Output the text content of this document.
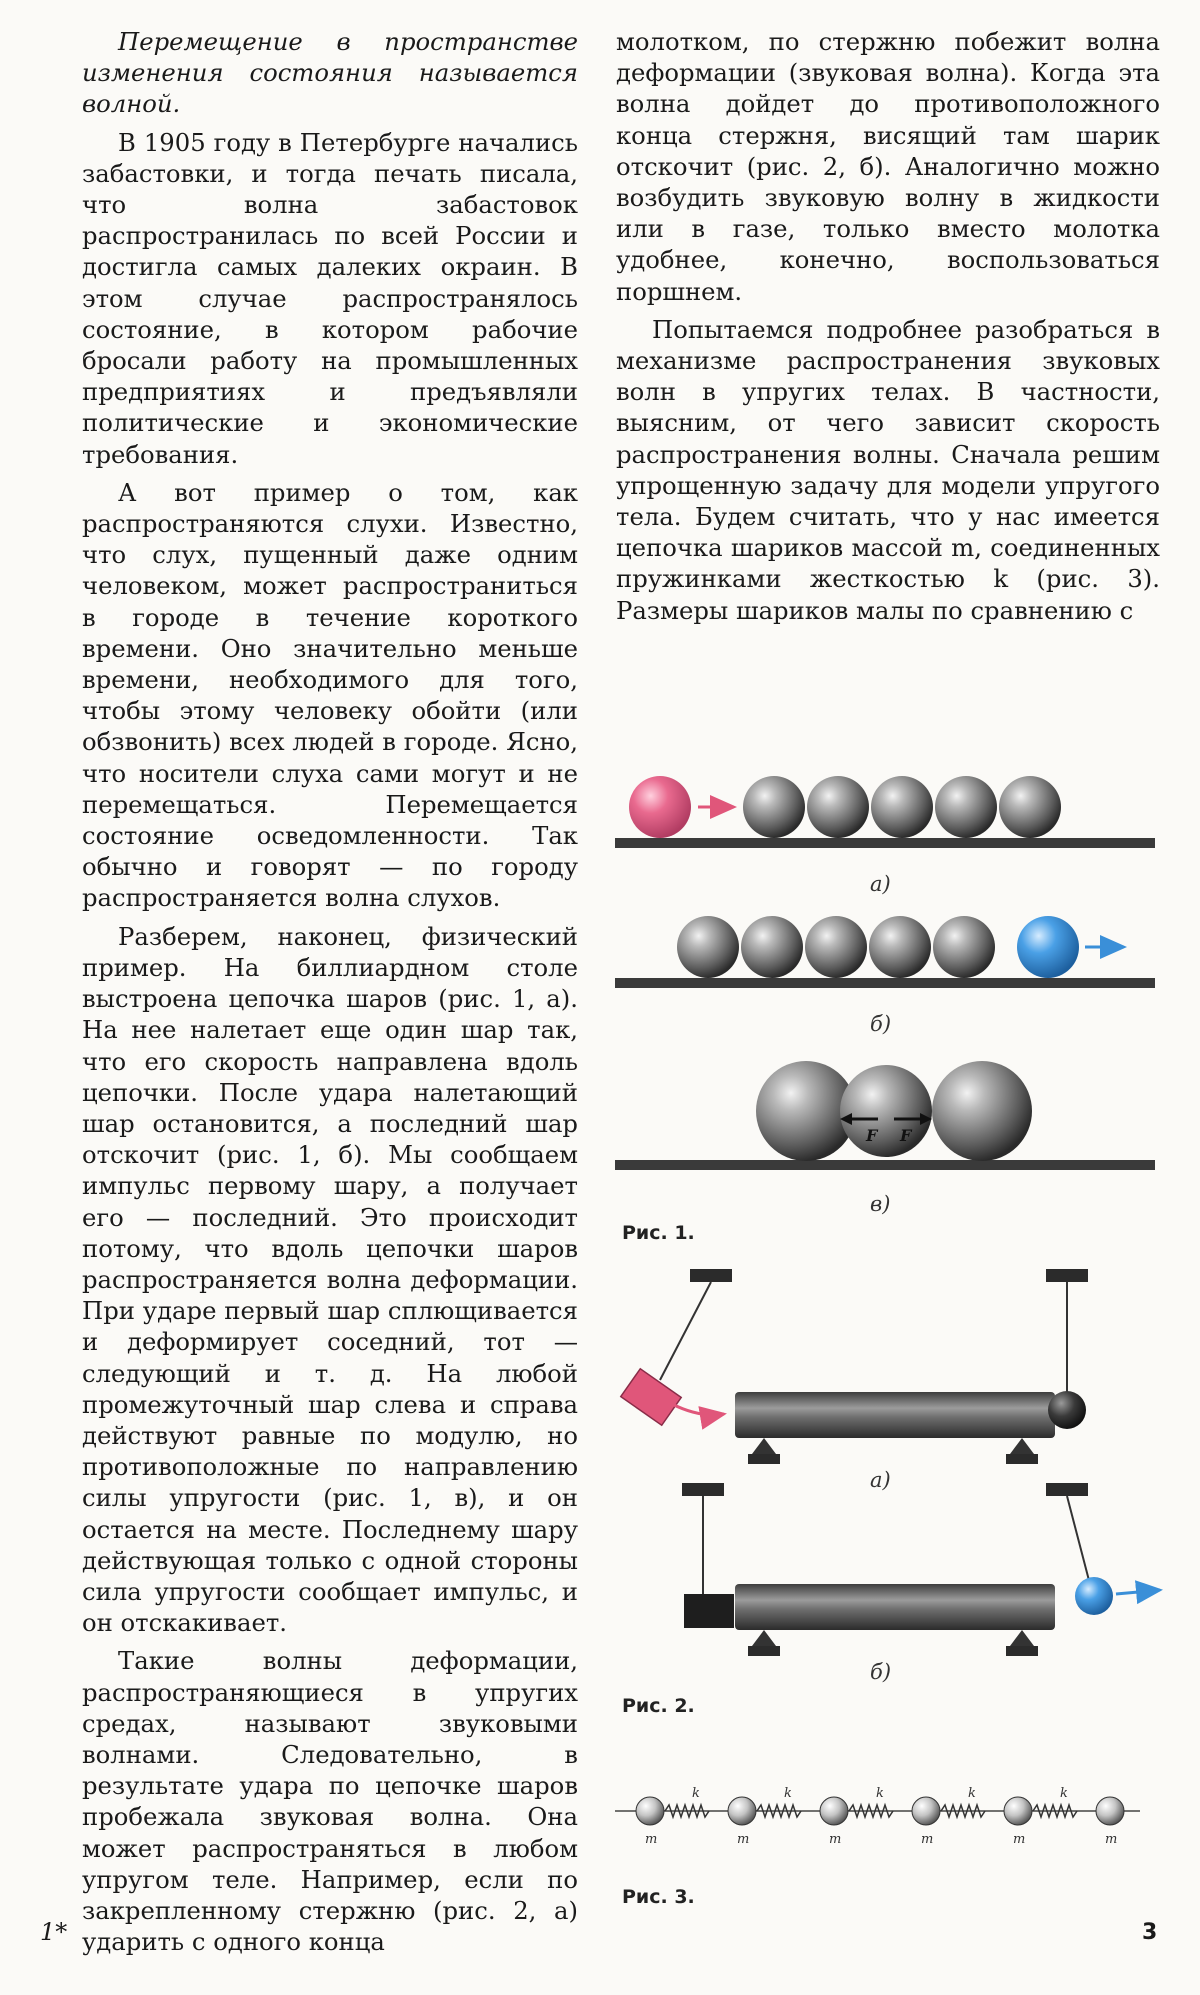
Перемещение в пространстве изменения состояния называется волной.

В 1905 году в Петербурге начались забастовки, и тогда печать писала, что волна забастовок распространилась по всей России и достигла самых далеких окраин. В этом случае распространялось состояние, в котором рабочие бросали работу на промышленных предприятиях и предъявляли политические и экономические требования.

А вот пример о том, как распространяются слухи. Известно, что слух, пущенный даже одним человеком, может распространиться в городе в течение короткого времени. Оно значительно меньше времени, необходимого для того, чтобы этому человеку обойти (или обзвонить) всех людей в городе. Ясно, что носители слуха сами могут и не перемещаться. Перемещается состояние осведомленности. Так обычно и говорят — по городу распространяется волна слухов.

Разберем, наконец, физический пример. На биллиардном столе выстроена цепочка шаров (рис. 1, а). На нее налетает еще один шар так, что его скорость направлена вдоль цепочки. После удара налетающий шар остановится, а последний шар отскочит (рис. 1, б). Мы сообщаем импульс первому шару, а получает его — последний. Это происходит потому, что вдоль цепочки шаров распространяется волна деформации. При ударе первый шар сплющивается и деформирует соседний, тот — следующий и т. д. На любой промежуточный шар слева и справа действуют равные по модулю, но противоположные по направлению силы упругости (рис. 1, в), и он остается на месте. Последнему шару действующая только с одной стороны сила упругости сообщает импульс, и он отскакивает.

Такие волны деформации, распространяющиеся в упругих средах, называют звуковыми волнами. Следовательно, в результате удара по цепочке шаров пробежала звуковая волна. Она может распространяться в любом упругом теле. Например, если по закрепленному стержню (рис. 2, а) ударить с одного конца

молотком, по стержню побежит волна деформации (звуковая волна). Когда эта волна дойдет до противоположного конца стержня, висящий там шарик отскочит (рис. 2, б). Аналогично можно возбудить звуковую волну в жидкости или в газе, только вместо молотка удобнее, конечно, воспользоваться поршнем.

Попытаемся подробнее разобраться в механизме распространения звуковых волн в упругих телах. В частности, выясним, от чего зависит скорость распространения волны. Сначала решим упрощенную задачу для модели упругого тела. Будем считать, что у нас имеется цепочка шариков массой m, соединенных пружинками жесткостью k (рис. 3). Размеры шариков малы по сравнению с

F F
k	k	k	k	k
m	m	m	m	m	m
а)
б)
в)
Рис. 1.
а)
б)
Рис. 2.
Рис. 3.
1*	3
